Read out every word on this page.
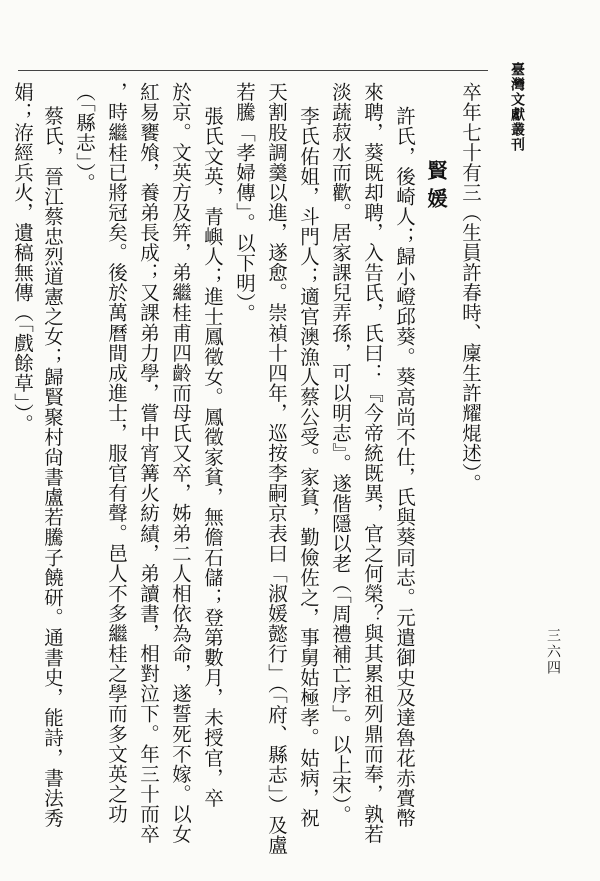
臺灣文獻叢刊
三六四
卒年七十有三（生員許春時、廩生許耀焜述）。
賢媛
許氏，後崎人；歸小嶝邱葵。葵高尚不仕，氏與葵同志。元遣御史及達魯花赤賷幣
來聘，葵既却聘，入告氏，氏曰：『今帝統既異，官之何榮？與其累祖列鼎而奉，孰若
淡蔬菽水而歡。居家課兒弄孫，可以明志』。遂偕隱以老（「周禮補亡序」。以上宋）。
李氏佑姐，斗門人；適官澳漁人蔡公受。家貧，勤儉佐之，事舅姑極孝。姑病，祝
天割股調羹以進，遂愈。崇禎十四年，巡按李嗣京表曰「淑媛懿行」（「府、縣志」）及盧
若騰「孝婦傳」。以下明）。
張氏文英，青嶼人；進士鳳徵女。鳳徵家貧，無儋石儲；登第數月，未授官，卒
於京。文英方及笄，弟繼桂甫四齡而母氏又卒，姊弟二人相依為命，遂誓死不嫁。以女
紅易饔飧，養弟長成；又課弟力學，嘗中宵篝火紡績，弟讀書，相對泣下。年三十而卒
，時繼桂已將冠矣。後於萬曆間成進士，服官有聲。邑人不多繼桂之學而多文英之功
（「縣志」）。
蔡氏，晉江蔡忠烈道憲之女；歸賢聚村尙書盧若騰子饒研。通書史，能詩，書法秀
娟；洊經兵火，遺稿無傳（「戲餘草」）。
